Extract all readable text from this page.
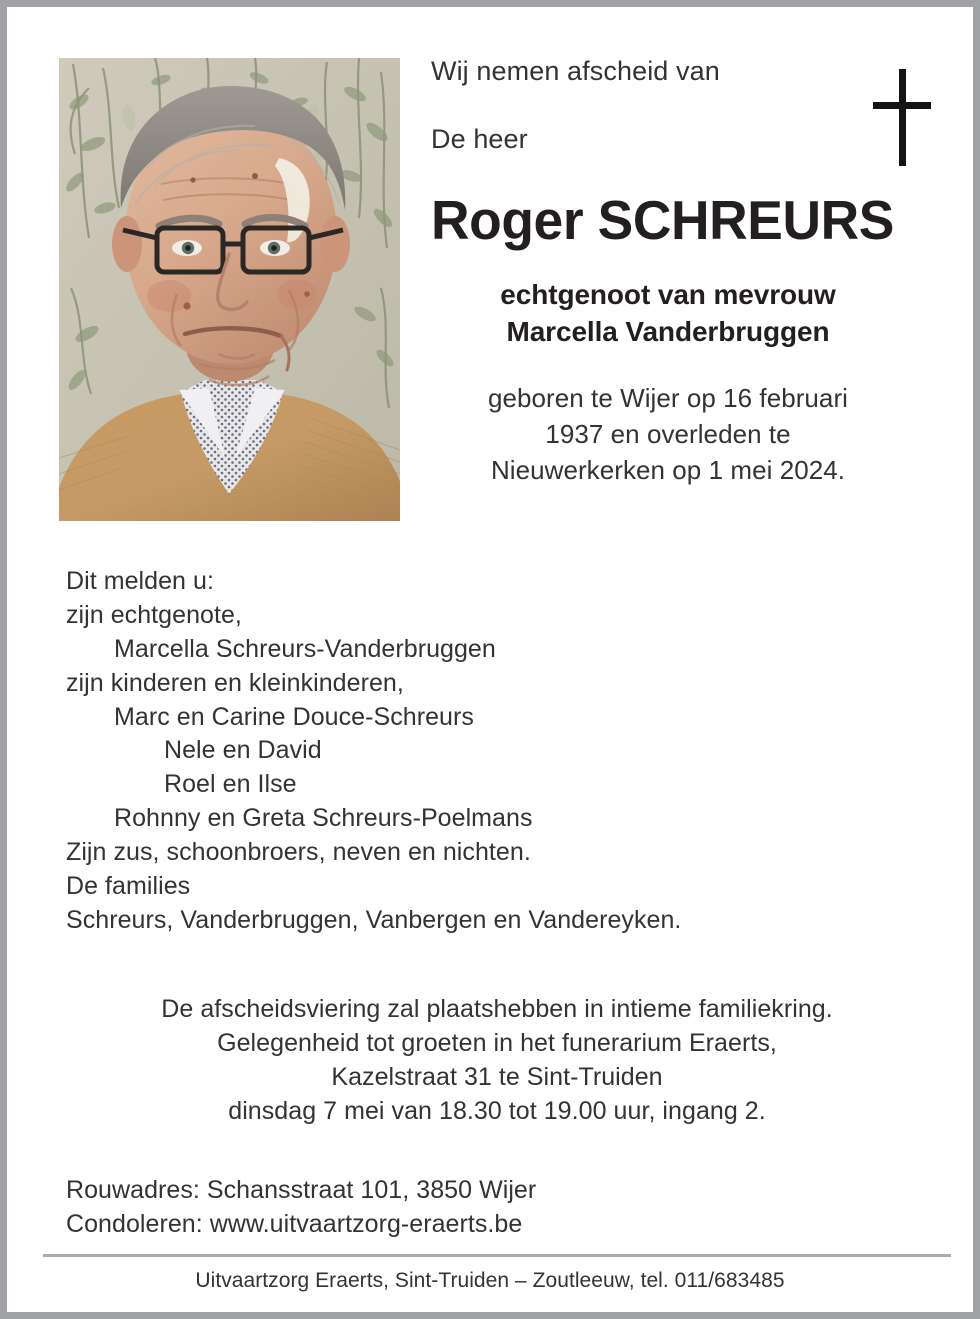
Wij nemen afscheid van
De heer
Roger SCHREURS
echtgenoot van mevrouw
Marcella Vanderbruggen
geboren te Wijer op 16 februari
1937 en overleden te
Nieuwerkerken op 1 mei 2024.
Dit melden u:
zijn echtgenote,
Marcella Schreurs-Vanderbruggen
zijn kinderen en kleinkinderen,
Marc en Carine Douce-Schreurs
Nele en David
Roel en Ilse
Rohnny en Greta Schreurs-Poelmans
Zijn zus, schoonbroers, neven en nichten.
De families
Schreurs, Vanderbruggen, Vanbergen en Vandereyken.
De afscheidsviering zal plaatshebben in intieme familiekring.
Gelegenheid tot groeten in het funerarium Eraerts,
Kazelstraat 31 te Sint-Truiden
dinsdag 7 mei van 18.30 tot 19.00 uur, ingang 2.
Rouwadres: Schansstraat 101, 3850 Wijer
Condoleren: www.uitvaartzorg-eraerts.be
Uitvaartzorg Eraerts, Sint-Truiden – Zoutleeuw, tel. 011/683485
